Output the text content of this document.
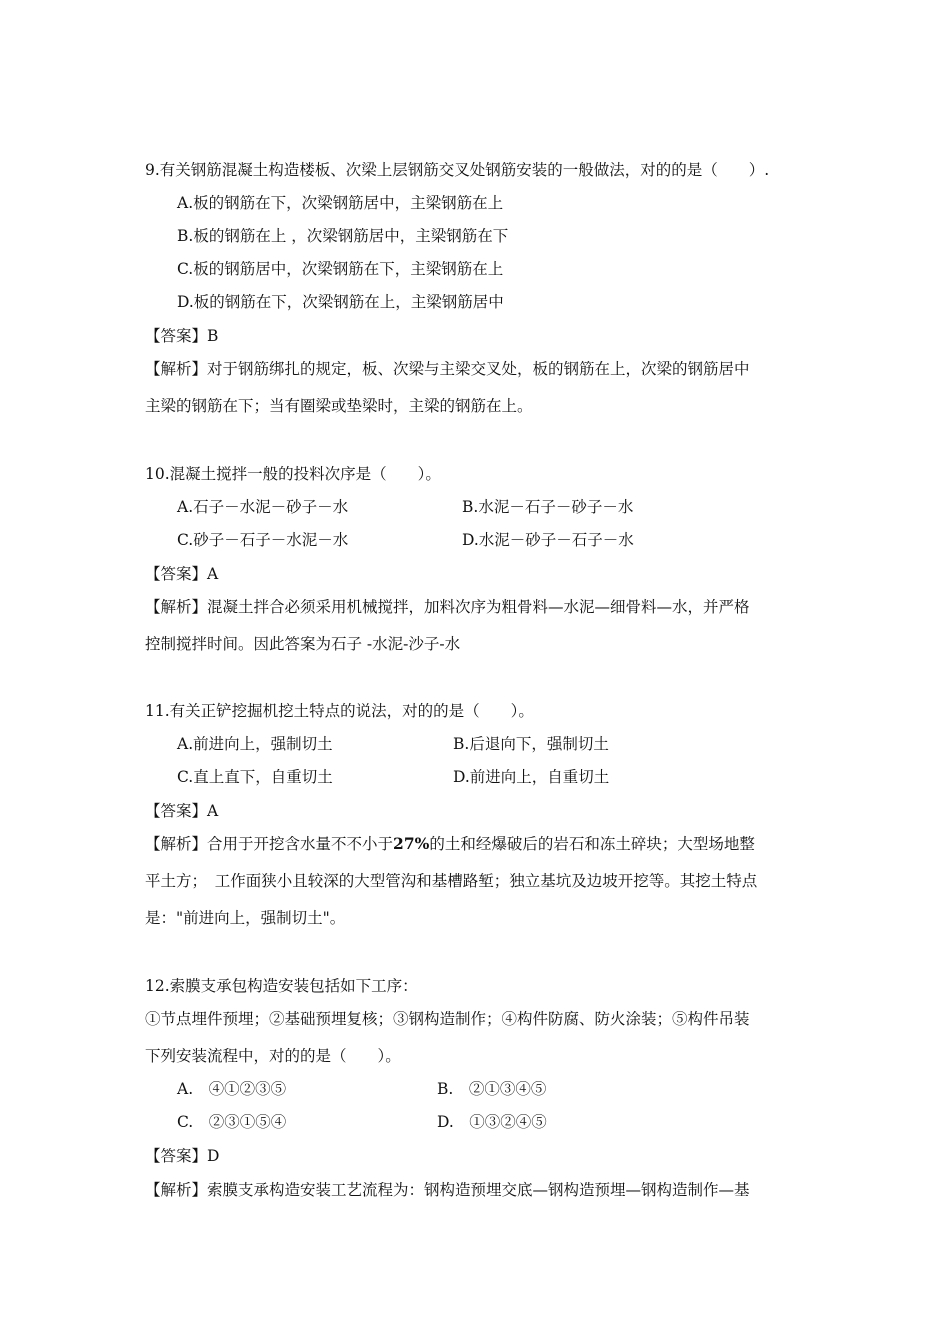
9.有关钢筋混凝土构造楼板、次梁上层钢筋交叉处钢筋安装的一般做法，对的的是（　　）.
A.板的钢筋在下，次梁钢筋居中，主梁钢筋在上
B.板的钢筋在上 ，次梁钢筋居中，主梁钢筋在下
C.板的钢筋居中，次梁钢筋在下，主梁钢筋在上
D.板的钢筋在下，次梁钢筋在上，主梁钢筋居中
【答案】B
【解析】对于钢筋绑扎的规定，板、次梁与主梁交叉处，板的钢筋在上，次梁的钢筋居中
主梁的钢筋在下；当有圈梁或垫梁时，主梁的钢筋在上。
10.混凝土搅拌一般的投料次序是（　　）。
A.石子－水泥－砂子－水	B.水泥－石子－砂子－水
C.砂子－石子－水泥－水	D.水泥－砂子－石子－水
【答案】A
【解析】混凝土拌合必须采用机械搅拌，加料次序为粗骨料—水泥—细骨料—水，并严格
控制搅拌时间。因此答案为石子 -水泥-沙子-水
11.有关正铲挖掘机挖土特点的说法，对的的是（　　）。
A.前进向上，强制切土	B.后退向下，强制切土
C.直上直下，自重切土	D.前进向上，自重切土
【答案】A
【解析】合用于开挖含水量不不小于27%的土和经爆破后的岩石和冻土碎块；大型场地整
平土方；　工作面狭小且较深的大型管沟和基槽路堑；独立基坑及边坡开挖等。其挖土特点
是："前进向上，强制切土"。
12.索膜支承包构造安装包括如下工序：
①节点埋件预埋；②基础预埋复核；③钢构造制作；④构件防腐、防火涂装；⑤构件吊装
下列安装流程中，对的的是（　　）。
A.　④①②③⑤	B.　②①③④⑤
C.　②③①⑤④	D.　①③②④⑤
【答案】D
【解析】索膜支承构造安装工艺流程为：钢构造预埋交底—钢构造预埋—钢构造制作—基
